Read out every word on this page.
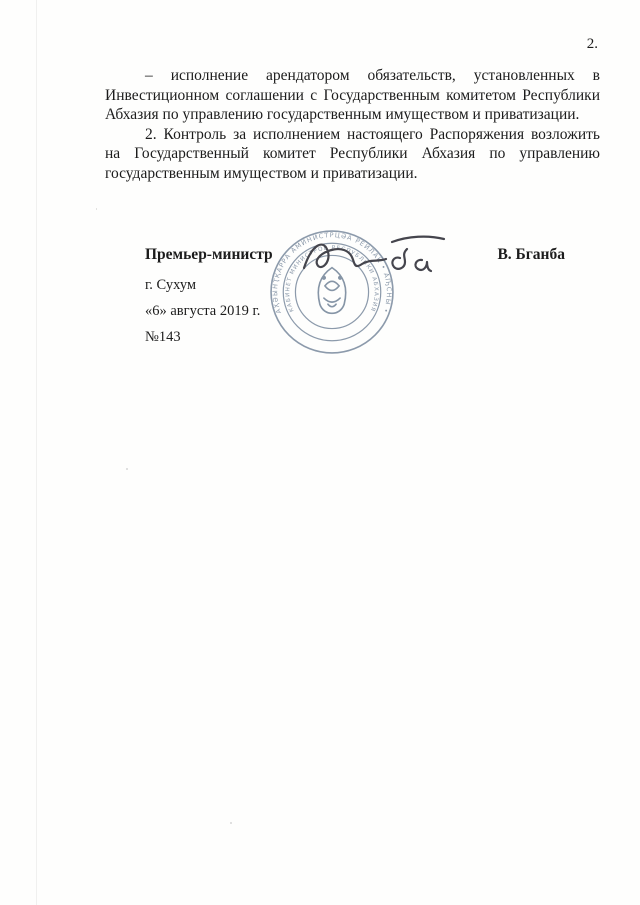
2.

– исполнение арендатором обязательств, установленных в Инвестиционном соглашении с Государственным комитетом Республики Абхазия по управлению государственным имуществом и приватизации.

2. Контроль за исполнением настоящего Распоряжения возложить на Государственный комитет Республики Абхазия по управлению государственным имуществом и приватизации.

Премьер-министр	В. Бганба
АҲӘЫНҬҚАРРА АМИНИСТРЦӘА РЕИЛАК • АҦСНЫ •
КАБИНЕТ МИНИСТРОВ РЕСПУБЛИКИ АБХАЗИЯ
г. Сухум
«6» августа 2019 г.
№143
